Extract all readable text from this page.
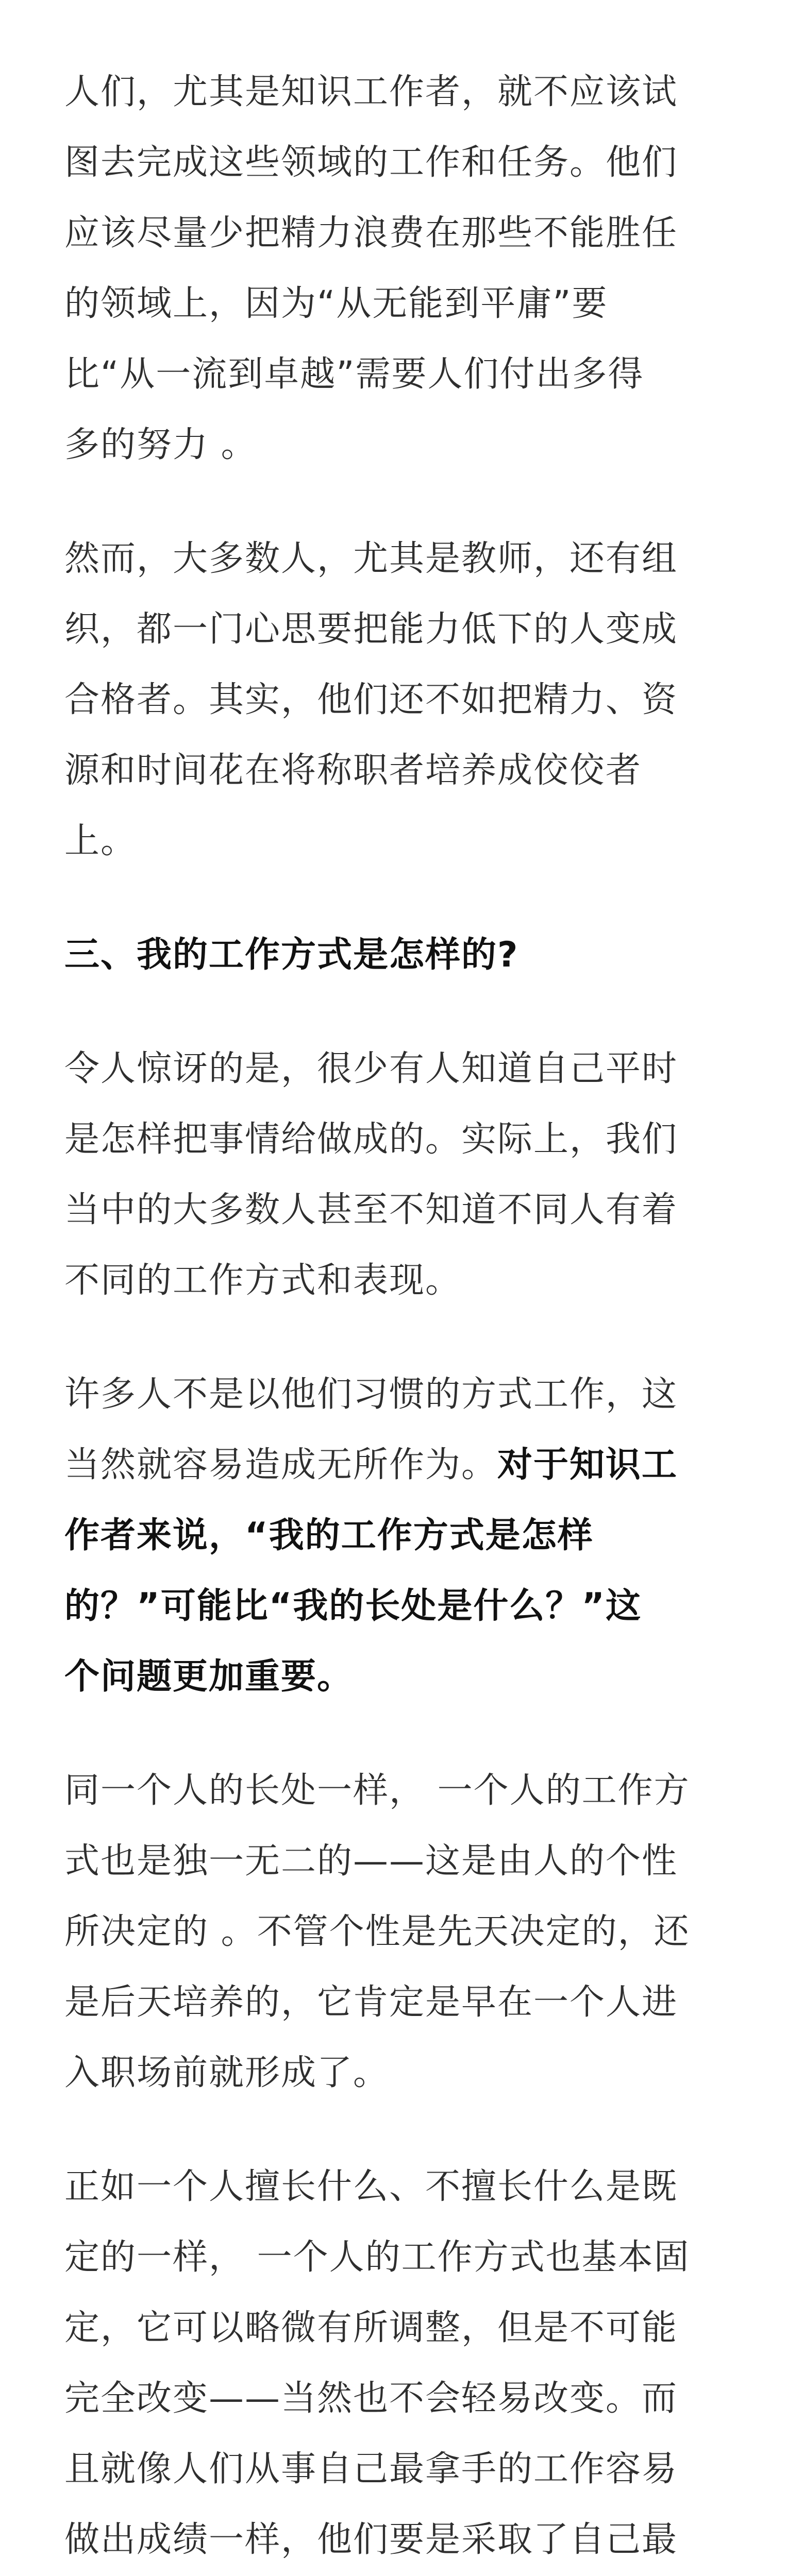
人们，尤其是知识工作者，就不应该试
图去完成这些领域的工作和任务。他们
应该尽量少把精力浪费在那些不能胜任
的领域上，因为“从无能到平庸”要
比“从一流到卓越”需要人们付出多得
多的努力 。

然而，大多数人，尤其是教师，还有组
织，都一门心思要把能力低下的人变成
合格者。其实，他们还不如把精力、资
源和时间花在将称职者培养成佼佼者
上。

三、我的工作方式是怎样的?

令人惊讶的是，很少有人知道自己平时
是怎样把事情给做成的。实际上，我们
当中的大多数人甚至不知道不同人有着
不同的工作方式和表现。

许多人不是以他们习惯的方式工作，这
当然就容易造成无所作为。对于知识工
作者来说，“我的工作方式是怎样
的？”可能比“我的长处是什么？”这
个问题更加重要。

同一个人的长处一样， 一个人的工作方
式也是独一无二的——这是由人的个性
所决定的 。不管个性是先天决定的，还
是后天培养的，它肯定是早在一个人进
入职场前就形成了。

正如一个人擅长什么、不擅长什么是既
定的一样， 一个人的工作方式也基本固
定，它可以略微有所调整，但是不可能
完全改变——当然也不会轻易改变。而
且就像人们从事自己最拿手的工作容易
做出成绩一样，他们要是采取了自己最
